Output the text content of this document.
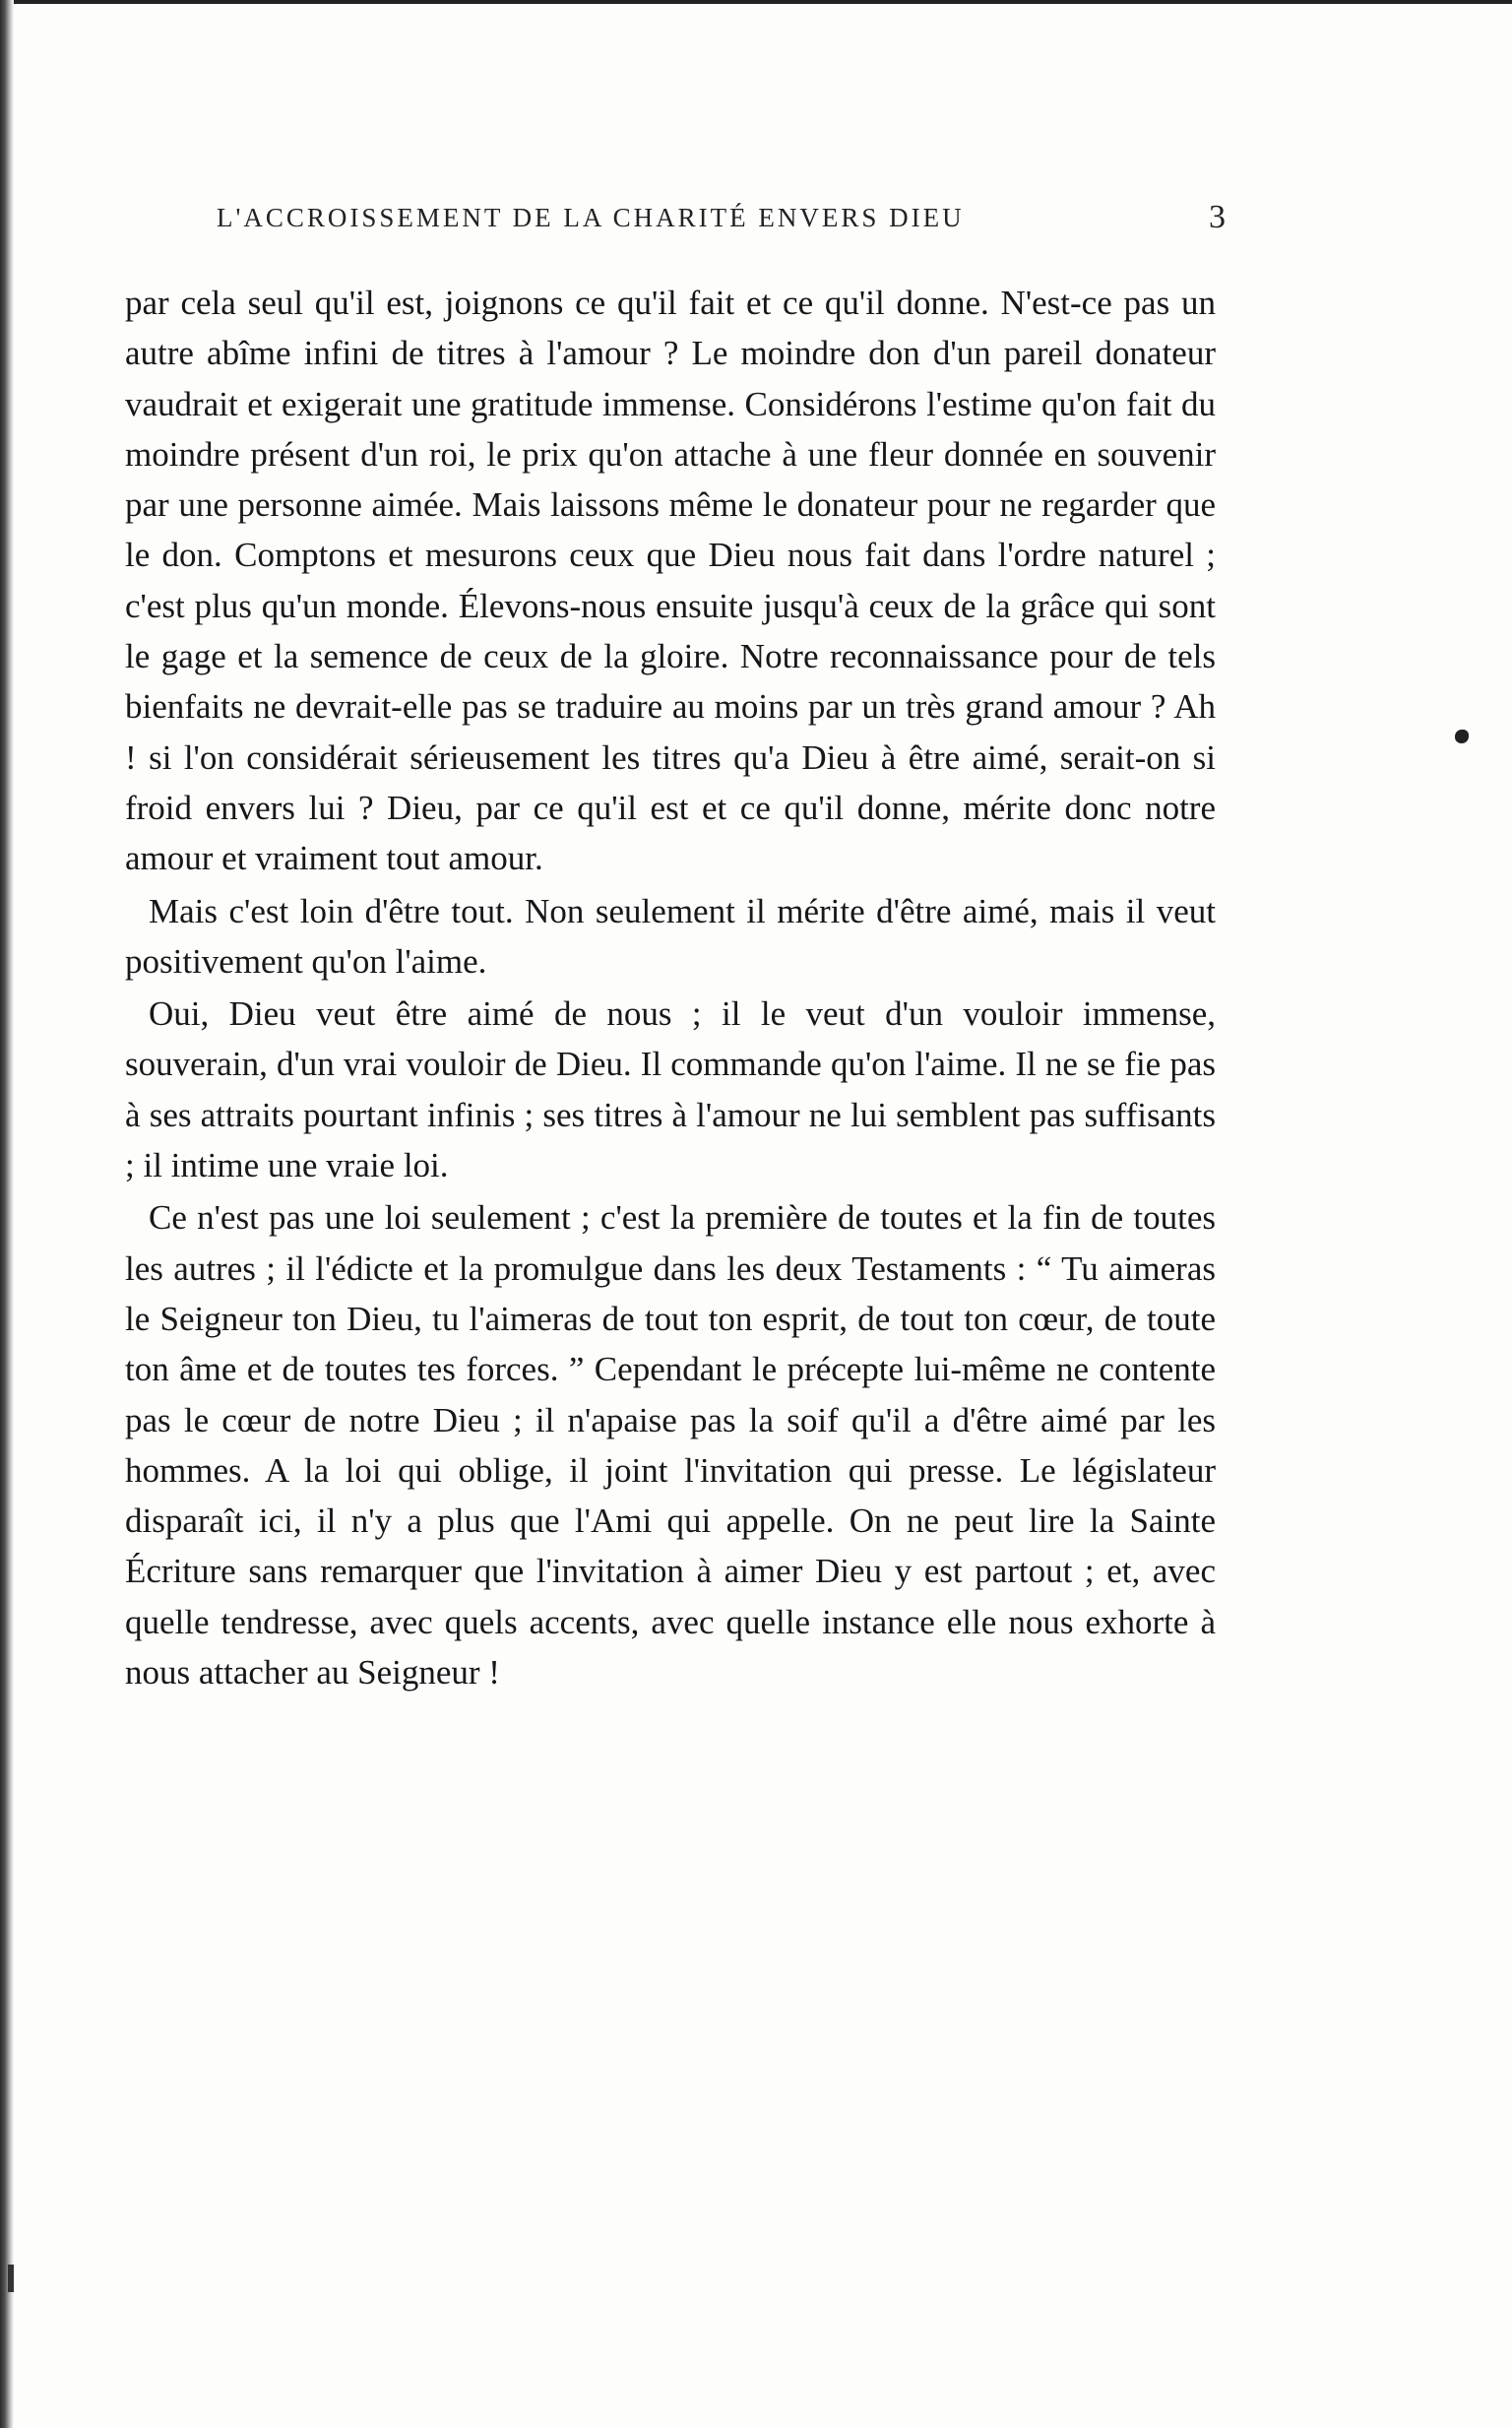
L'ACCROISSEMENT DE LA CHARITÉ ENVERS DIEU	3

par cela seul qu'il est, joignons ce qu'il fait et ce qu'il donne. N'est-ce pas un autre abîme infini de titres à l'amour ? Le moindre don d'un pareil donateur vaudrait et exigerait une gratitude immense. Considérons l'estime qu'on fait du moindre présent d'un roi, le prix qu'on attache à une fleur donnée en souvenir par une personne aimée. Mais laissons même le donateur pour ne regarder que le don. Comptons et mesurons ceux que Dieu nous fait dans l'ordre naturel ; c'est plus qu'un monde. Élevons-nous ensuite jusqu'à ceux de la grâce qui sont le gage et la semence de ceux de la gloire. Notre reconnaissance pour de tels bienfaits ne devrait-elle pas se traduire au moins par un très grand amour ? Ah ! si l'on considérait sérieusement les titres qu'a Dieu à être aimé, serait-on si froid envers lui ? Dieu, par ce qu'il est et ce qu'il donne, mérite donc notre amour et vraiment tout amour.

Mais c'est loin d'être tout. Non seulement il mérite d'être aimé, mais il veut positivement qu'on l'aime.

Oui, Dieu veut être aimé de nous ; il le veut d'un vouloir immense, souverain, d'un vrai vouloir de Dieu. Il commande qu'on l'aime. Il ne se fie pas à ses attraits pourtant infinis ; ses titres à l'amour ne lui semblent pas suffisants ; il intime une vraie loi.

Ce n'est pas une loi seulement ; c'est la première de toutes et la fin de toutes les autres ; il l'édicte et la promulgue dans les deux Testaments : “ Tu aimeras le Seigneur ton Dieu, tu l'aimeras de tout ton esprit, de tout ton cœur, de toute ton âme et de toutes tes forces. ” Cependant le précepte lui-même ne contente pas le cœur de notre Dieu ; il n'apaise pas la soif qu'il a d'être aimé par les hommes. A la loi qui oblige, il joint l'invitation qui presse. Le législateur disparaît ici, il n'y a plus que l'Ami qui appelle. On ne peut lire la Sainte Écriture sans remarquer que l'invitation à aimer Dieu y est partout ; et, avec quelle tendresse, avec quels accents, avec quelle instance elle nous exhorte à nous attacher au Seigneur !
